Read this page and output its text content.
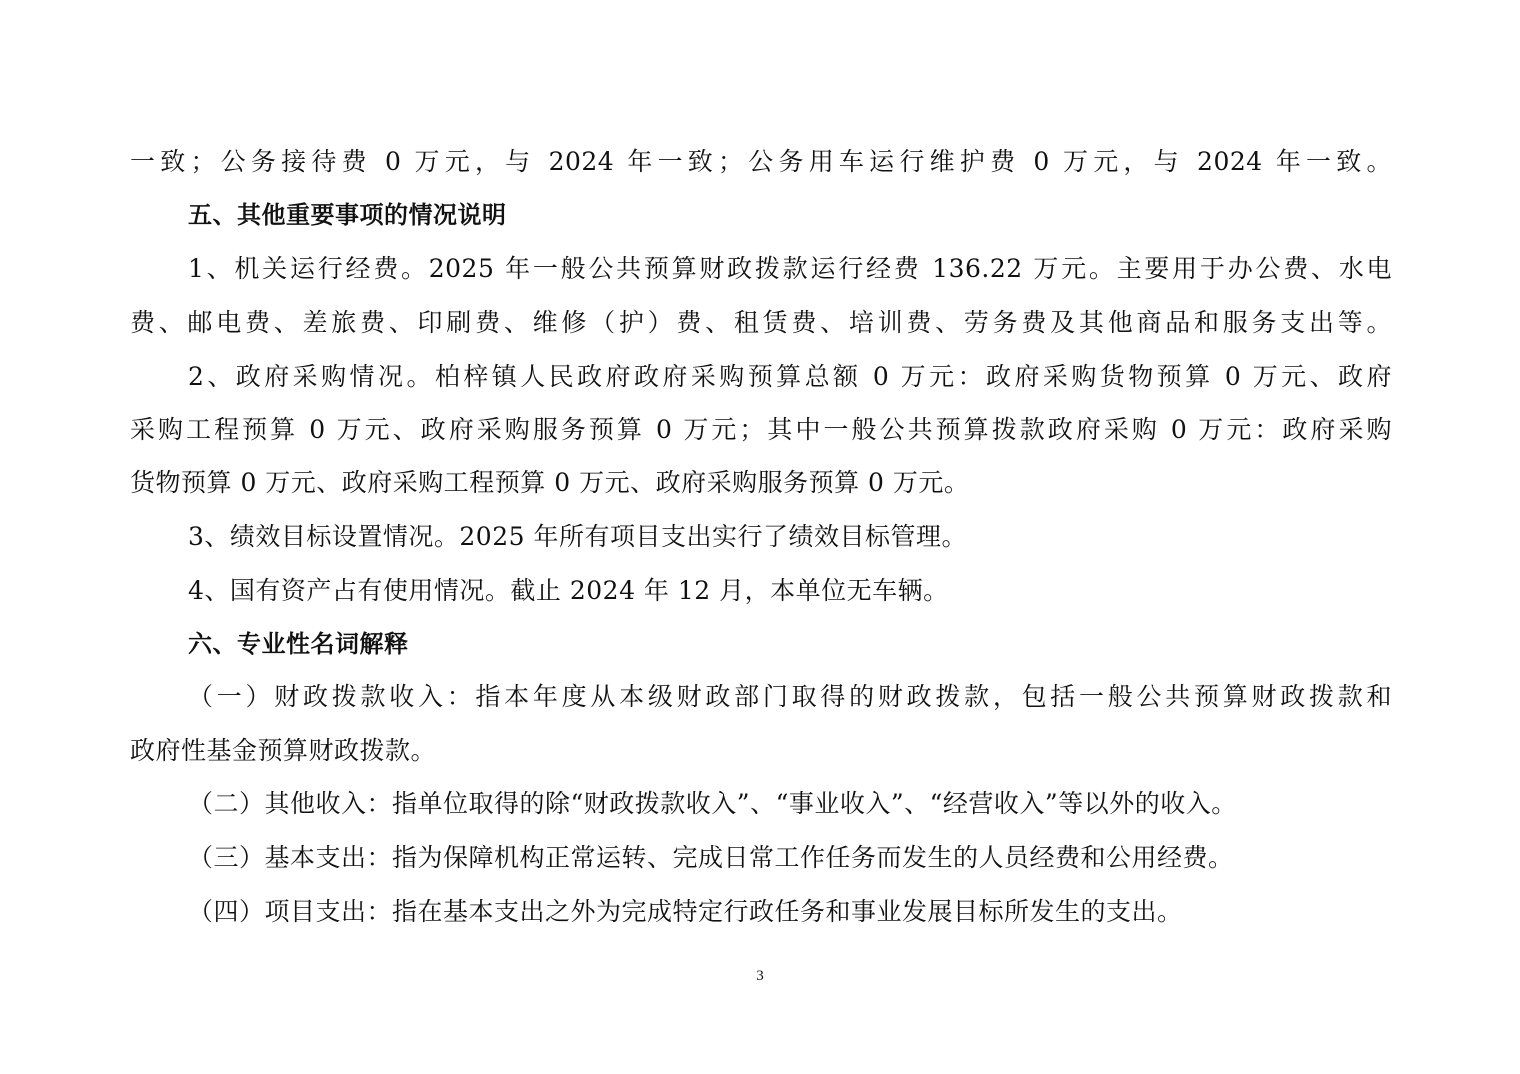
一致；公务接待费 0 万元，与 2024 年一致；公务用车运行维护费 0 万元，与 2024 年一致。
五、其他重要事项的情况说明
1、机关运行经费。2025 年一般公共预算财政拨款运行经费 136.22 万元。主要用于办公费、水电
费、邮电费、差旅费、印刷费、维修（护）费、租赁费、培训费、劳务费及其他商品和服务支出等。
2、政府采购情况。柏梓镇人民政府政府采购预算总额 0 万元：政府采购货物预算 0 万元、政府
采购工程预算 0 万元、政府采购服务预算 0 万元；其中一般公共预算拨款政府采购 0 万元：政府采购
货物预算 0 万元、政府采购工程预算 0 万元、政府采购服务预算 0 万元。
3、绩效目标设置情况。2025 年所有项目支出实行了绩效目标管理。
4、国有资产占有使用情况。截止 2024 年 12 月，本单位无车辆。
六、专业性名词解释
（一）财政拨款收入：指本年度从本级财政部门取得的财政拨款，包括一般公共预算财政拨款和
政府性基金预算财政拨款。
（二）其他收入：指单位取得的除“财政拨款收入”、“事业收入”、“经营收入”等以外的收入。
（三）基本支出：指为保障机构正常运转、完成日常工作任务而发生的人员经费和公用经费。
（四）项目支出：指在基本支出之外为完成特定行政任务和事业发展目标所发生的支出。
3
